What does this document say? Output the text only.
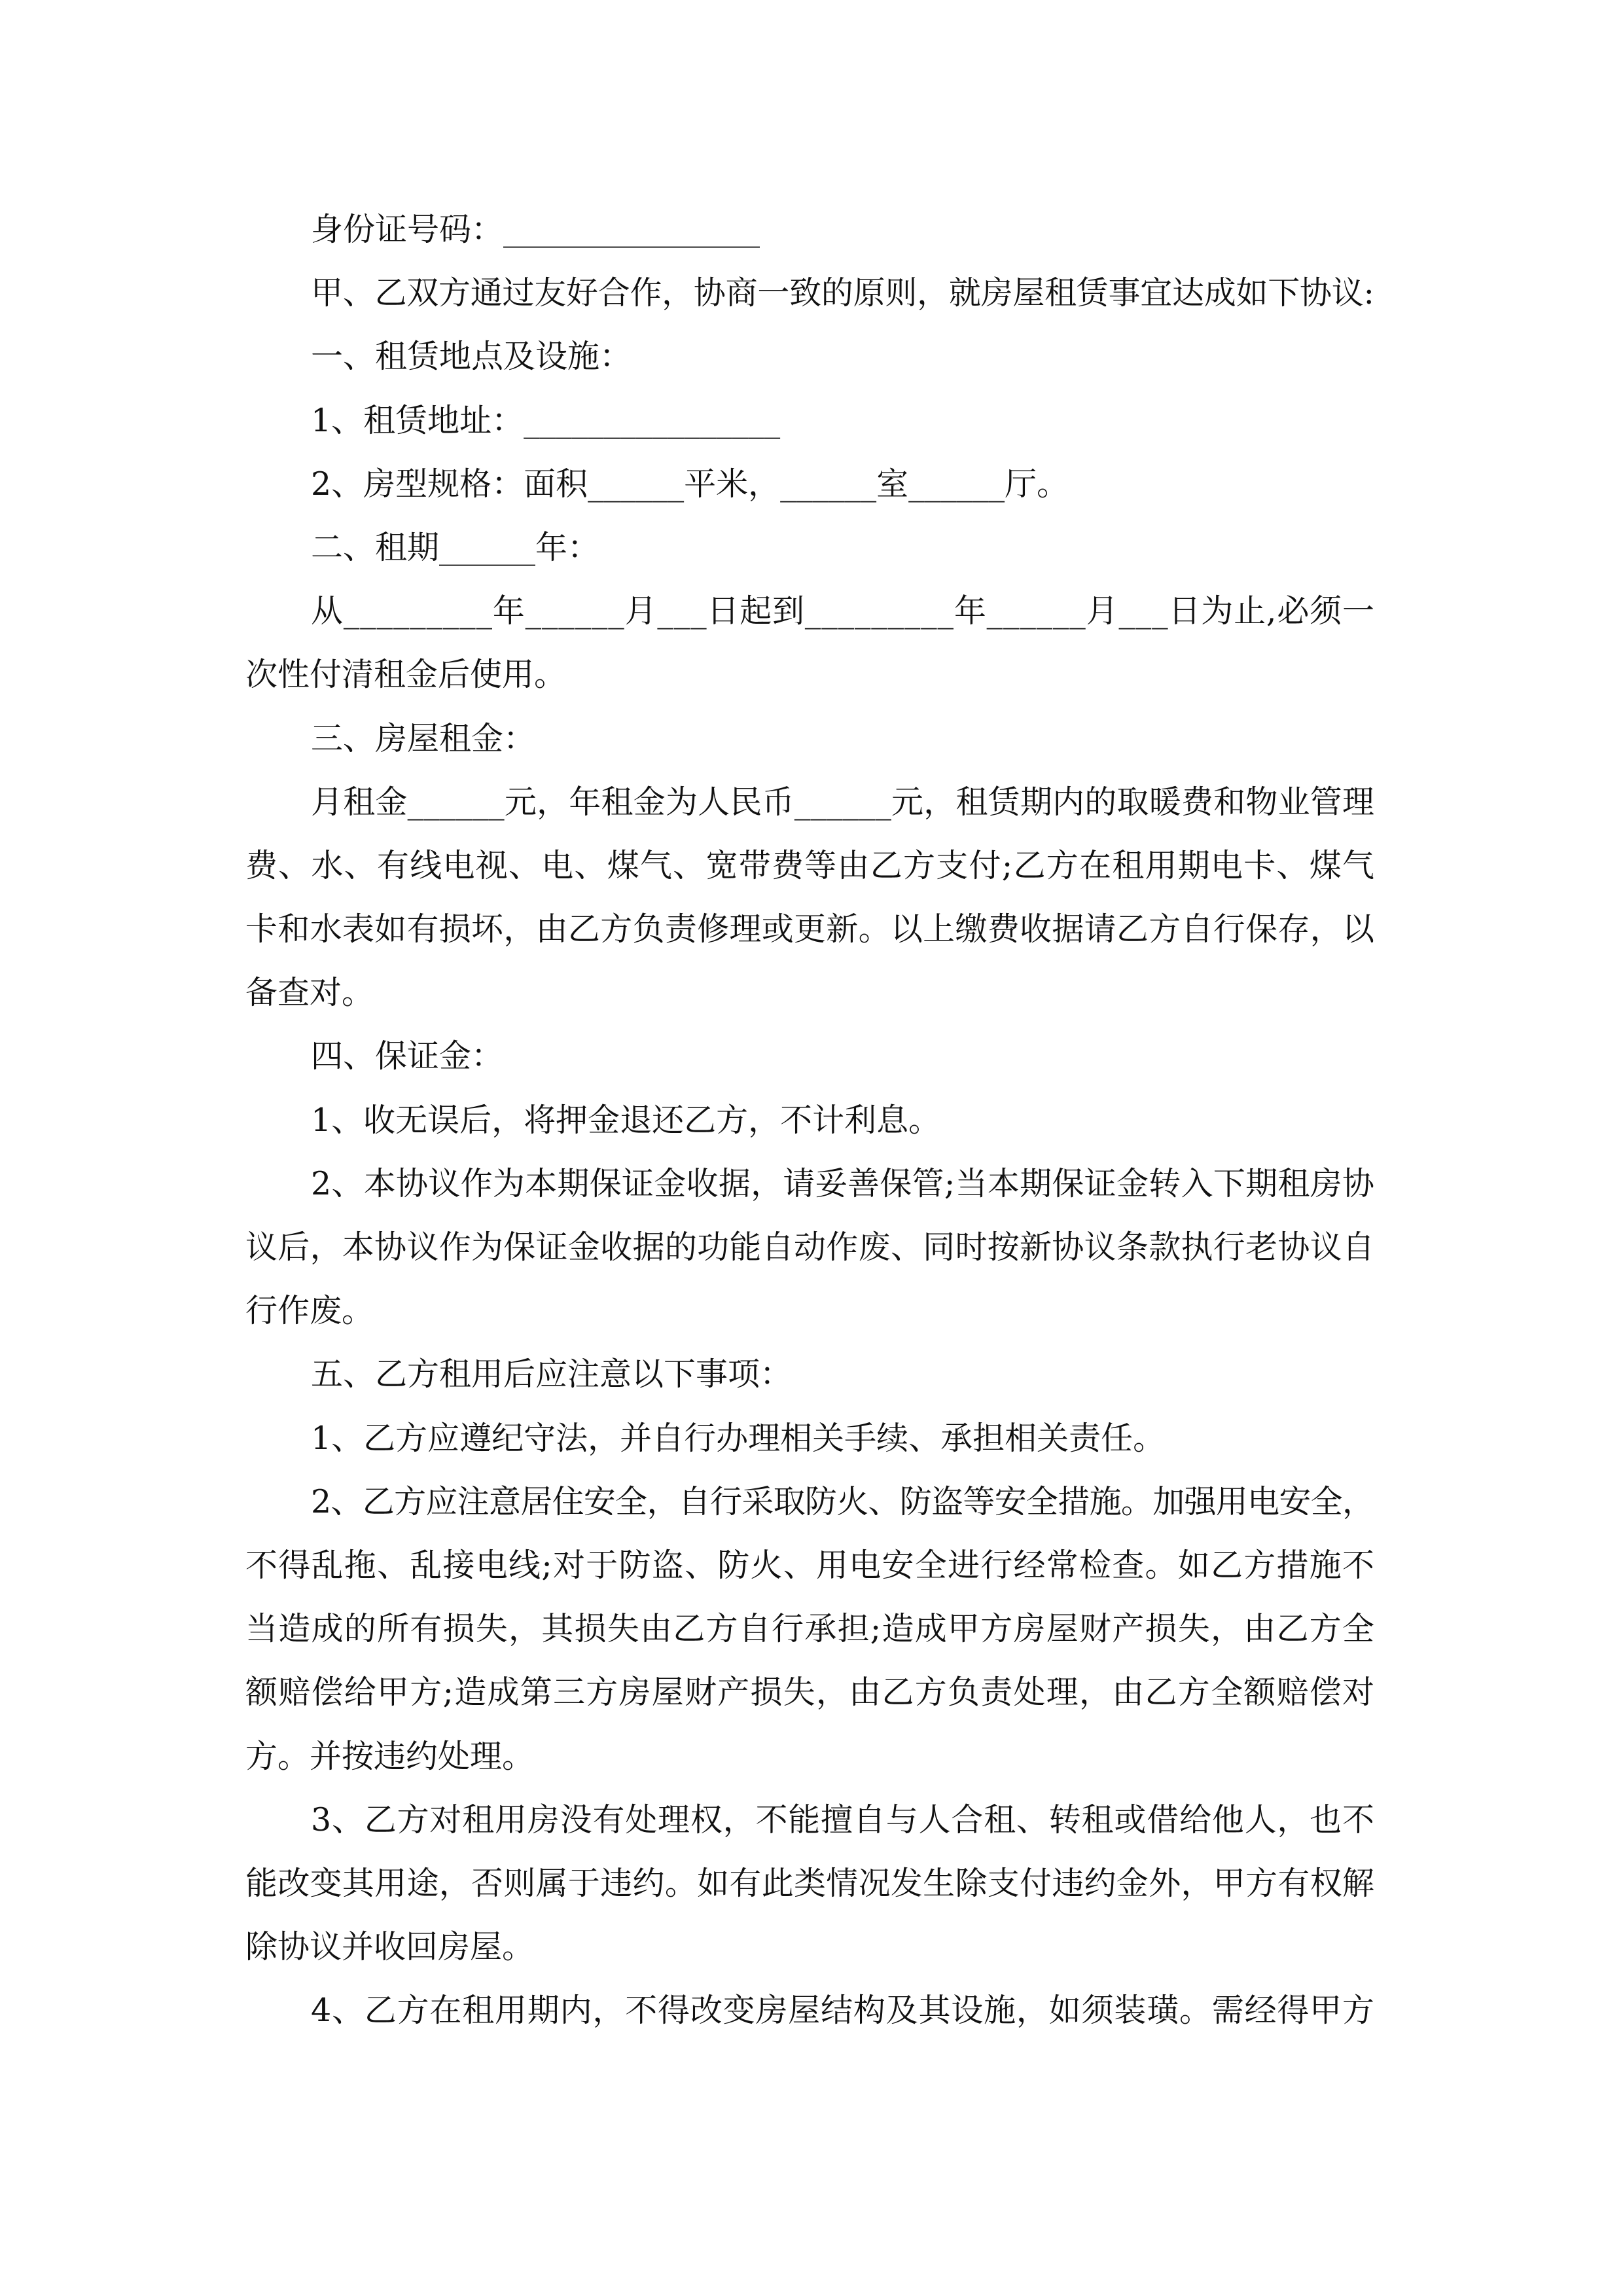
身份证号码：________________
甲、乙双方通过友好合作，协商一致的原则，就房屋租赁事宜达成如下协议:
一、租赁地点及设施：
1、租赁地址：________________
2、房型规格：面积______平米，______室______厅。
二、租期______年：
从_________年______月___日起到_________年______月___日为止,必须一
次性付清租金后使用。
三、房屋租金：
月租金______元，年租金为人民币______元，租赁期内的取暖费和物业管理
费、水、有线电视、电、煤气、宽带费等由乙方支付;乙方在租用期电卡、煤气
卡和水表如有损坏，由乙方负责修理或更新。以上缴费收据请乙方自行保存，以
备查对。
四、保证金：
1、收无误后，将押金退还乙方，不计利息。
2、本协议作为本期保证金收据，请妥善保管;当本期保证金转入下期租房协
议后，本协议作为保证金收据的功能自动作废、同时按新协议条款执行老协议自
行作废。
五、乙方租用后应注意以下事项：
1、乙方应遵纪守法，并自行办理相关手续、承担相关责任。
2、乙方应注意居住安全，自行采取防火、防盗等安全措施。加强用电安全，
不得乱拖、乱接电线;对于防盗、防火、用电安全进行经常检查。如乙方措施不
当造成的所有损失，其损失由乙方自行承担;造成甲方房屋财产损失，由乙方全
额赔偿给甲方;造成第三方房屋财产损失，由乙方负责处理，由乙方全额赔偿对
方。并按违约处理。
3、乙方对租用房没有处理权，不能擅自与人合租、转租或借给他人，也不
能改变其用途，否则属于违约。如有此类情况发生除支付违约金外，甲方有权解
除协议并收回房屋。
4、乙方在租用期内，不得改变房屋结构及其设施，如须装璜。需经得甲方
